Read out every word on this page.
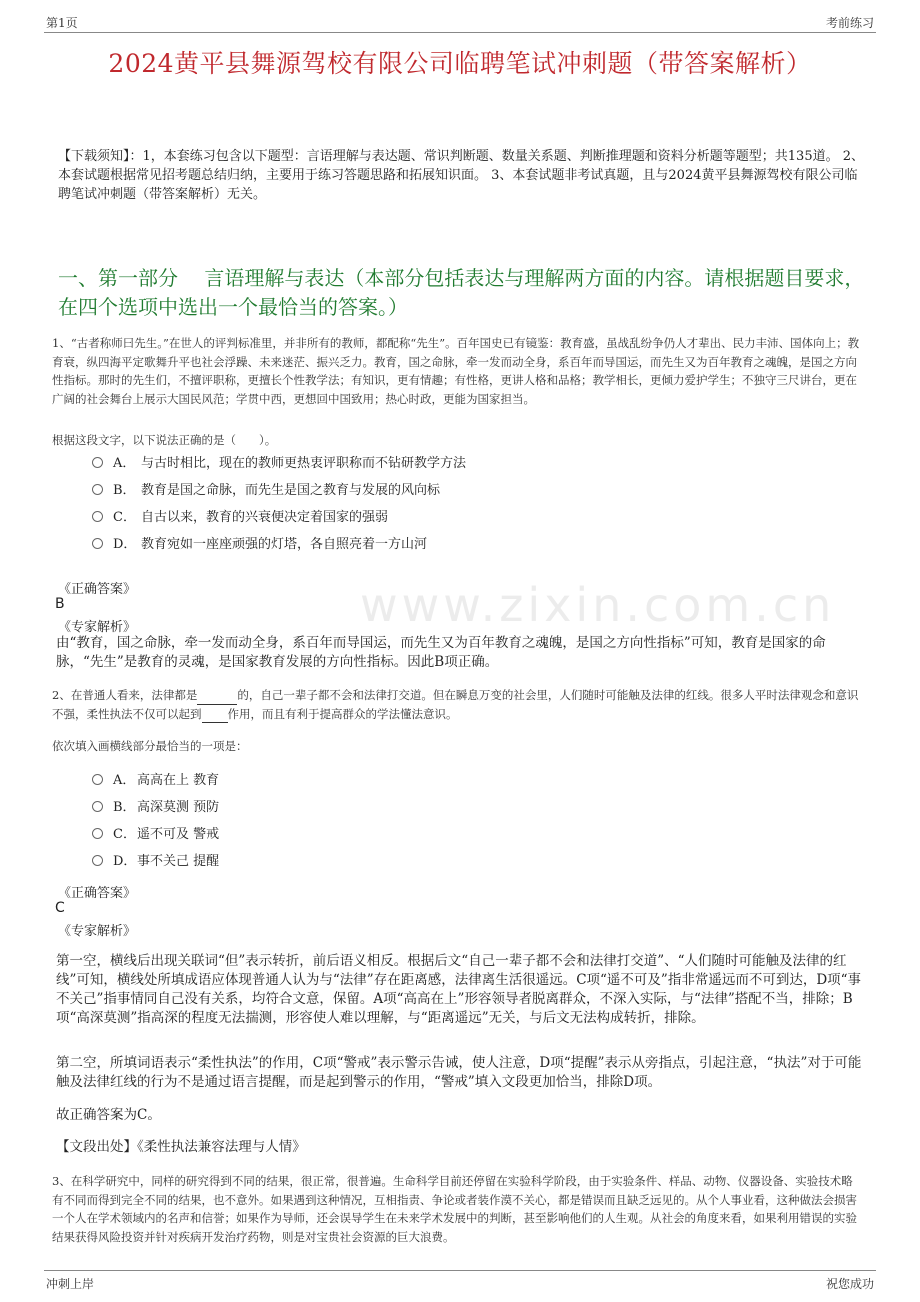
第1页	考前练习
2024黄平县舞源驾校有限公司临聘笔试冲刺题（带答案解析）
【下载须知】：1，本套练习包含以下题型：言语理解与表达题、常识判断题、数量关系题、判断推理题和资料分析题等题型；共135道。 2、本套试题根据常见招考题总结归纳，主要用于练习答题思路和拓展知识面。 3、本套试题非考试真题，且与2024黄平县舞源驾校有限公司临聘笔试冲刺题（带答案解析）无关。
一、第一部分　 言语理解与表达（本部分包括表达与理解两方面的内容。请根据题目要求，在四个选项中选出一个最恰当的答案。）
1、“古者称师曰先生。”在世人的评判标准里，并非所有的教师，都配称“先生”。百年国史已有镜鉴：教育盛，虽战乱纷争仍人才辈出、民力丰沛、国体向上；教育衰，纵四海平定歌舞升平也社会浮躁、未来迷茫、振兴乏力。教育，国之命脉，牵一发而动全身，系百年而导国运，而先生又为百年教育之魂魄，是国之方向性指标。那时的先生们，不擅评职称，更擅长个性教学法；有知识，更有情趣；有性格，更讲人格和品格；教学相长，更倾力爱护学生；不独守三尺讲台，更在广阔的社会舞台上展示大国民风范；学贯中西，更想回中国致用；热心时政，更能为国家担当。
根据这段文字，以下说法正确的是（　　）。
A． 与古时相比，现在的教师更热衷评职称而不钻研教学方法
B． 教育是国之命脉，而先生是国之教育与发展的风向标
C． 自古以来，教育的兴衰便决定着国家的强弱
D． 教育宛如一座座顽强的灯塔，各自照亮着一方山河
www.zixin.com.cn
《正确答案》
B
《专家解析》
由“教育，国之命脉，牵一发而动全身，系百年而导国运，而先生又为百年教育之魂魄，是国之方向性指标”可知，教育是国家的命脉，“先生”是教育的灵魂，是国家教育发展的方向性指标。因此B项正确。
2、在普通人看来，法律都是	的，自己一辈子都不会和法律打交道。但在瞬息万变的社会里，人们随时可能触及法律的红线。很多人平时法律观念和意识不强，柔性执法不仅可以起到 作用，而且有利于提高群众的学法懂法意识。
依次填入画横线部分最恰当的一项是：
A． 高高在上 教育
B．高深莫测 预防
C．遥不可及 警戒
D．事不关己 提醒
《正确答案》
C
《专家解析》
第一空，横线后出现关联词“但”表示转折，前后语义相反。根据后文“自己一辈子都不会和法律打交道”、“人们随时可能触及法律的红线”可知，横线处所填成语应体现普通人认为与“法律”存在距离感，法律离生活很遥远。C项“遥不可及”指非常遥远而不可到达，D项“事不关己”指事情同自己没有关系，均符合文意，保留。A项“高高在上”形容领导者脱离群众，不深入实际，与“法律”搭配不当，排除；B项“高深莫测”指高深的程度无法揣测，形容使人难以理解，与“距离遥远”无关，与后文无法构成转折，排除。
第二空，所填词语表示“柔性执法”的作用，C项“警戒”表示警示告诫，使人注意，D项“提醒”表示从旁指点，引起注意，“执法”对于可能触及法律红线的行为不是通过语言提醒，而是起到警示的作用，“警戒”填入文段更加恰当，排除D项。
故正确答案为C。
【文段出处】《柔性执法兼容法理与人情》
3、在科学研究中，同样的研究得到不同的结果，很正常，很普遍。生命科学目前还停留在实验科学阶段，由于实验条件、样品、动物、仪器设备、实验技术略有不同而得到完全不同的结果，也不意外。如果遇到这种情况，互相指责、争论或者装作漠不关心，都是错误而且缺乏远见的。从个人事业看，这种做法会损害一个人在学术领域内的名声和信誉；如果作为导师，还会误导学生在未来学术发展中的判断，甚至影响他们的人生观。从社会的角度来看，如果利用错误的实验结果获得风险投资并针对疾病开发治疗药物，则是对宝贵社会资源的巨大浪费。
冲刺上岸	祝您成功
